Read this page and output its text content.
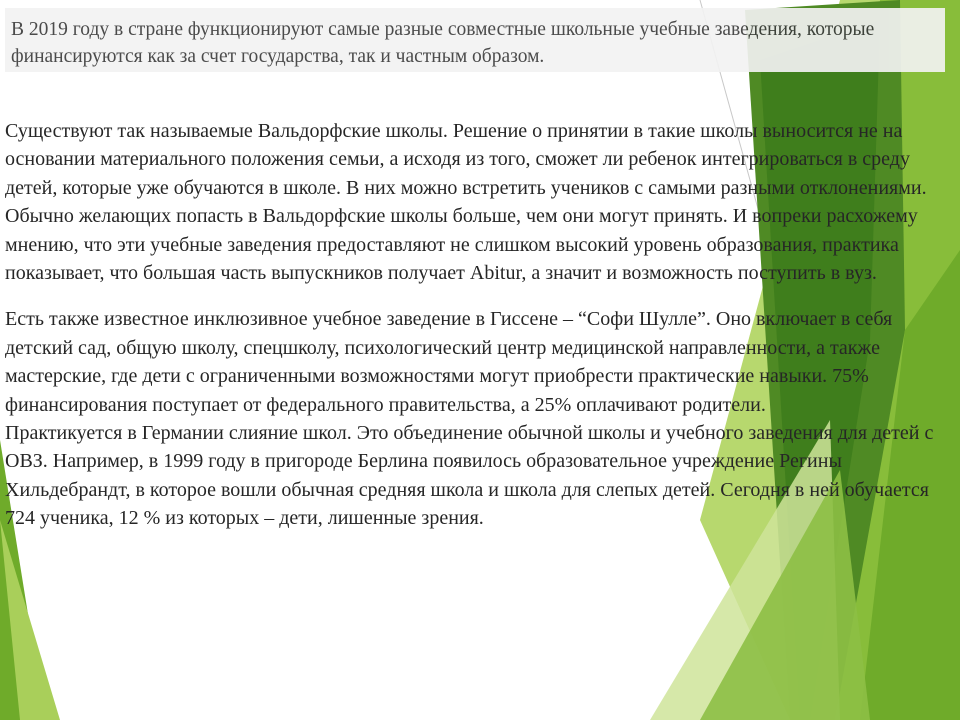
В 2019 году в стране функционируют самые разные совместные школьные учебные заведения, которые финансируются как за счет государства, так и частным образом.

Существуют так называемые Вальдорфские школы. Решение о принятии в такие школы выносится не на основании материального положения семьи, а исходя из того, сможет ли ребенок интегрироваться в среду детей, которые уже обучаются в школе. В них можно встретить учеников с самыми разными отклонениями.

Обычно желающих попасть в Вальдорфские школы больше, чем они могут принять. И вопреки расхожему мнению, что эти учебные заведения предоставляют не слишком высокий уровень образования, практика показывает, что большая часть выпускников получает Abitur, а значит и возможность поступить в вуз.

Есть также известное инклюзивное учебное заведение в Гиссене – “Софи Шулле”. Оно включает в себя детский сад, общую школу, спецшколу, психологический центр медицинской направленности, а также мастерские, где дети с ограниченными возможностями могут приобрести практические навыки. 75% финансирования поступает от федерального правительства, а 25% оплачивают родители.

Практикуется в Германии слияние школ. Это объединение обычной школы и учебного заведения для детей с ОВЗ. Например, в 1999 году в пригороде Берлина появилось образовательное учреждение Регины Хильдебрандт, в которое вошли обычная средняя школа и школа для слепых детей. Сегодня в ней обучается 724 ученика, 12 % из которых – дети, лишенные зрения.
